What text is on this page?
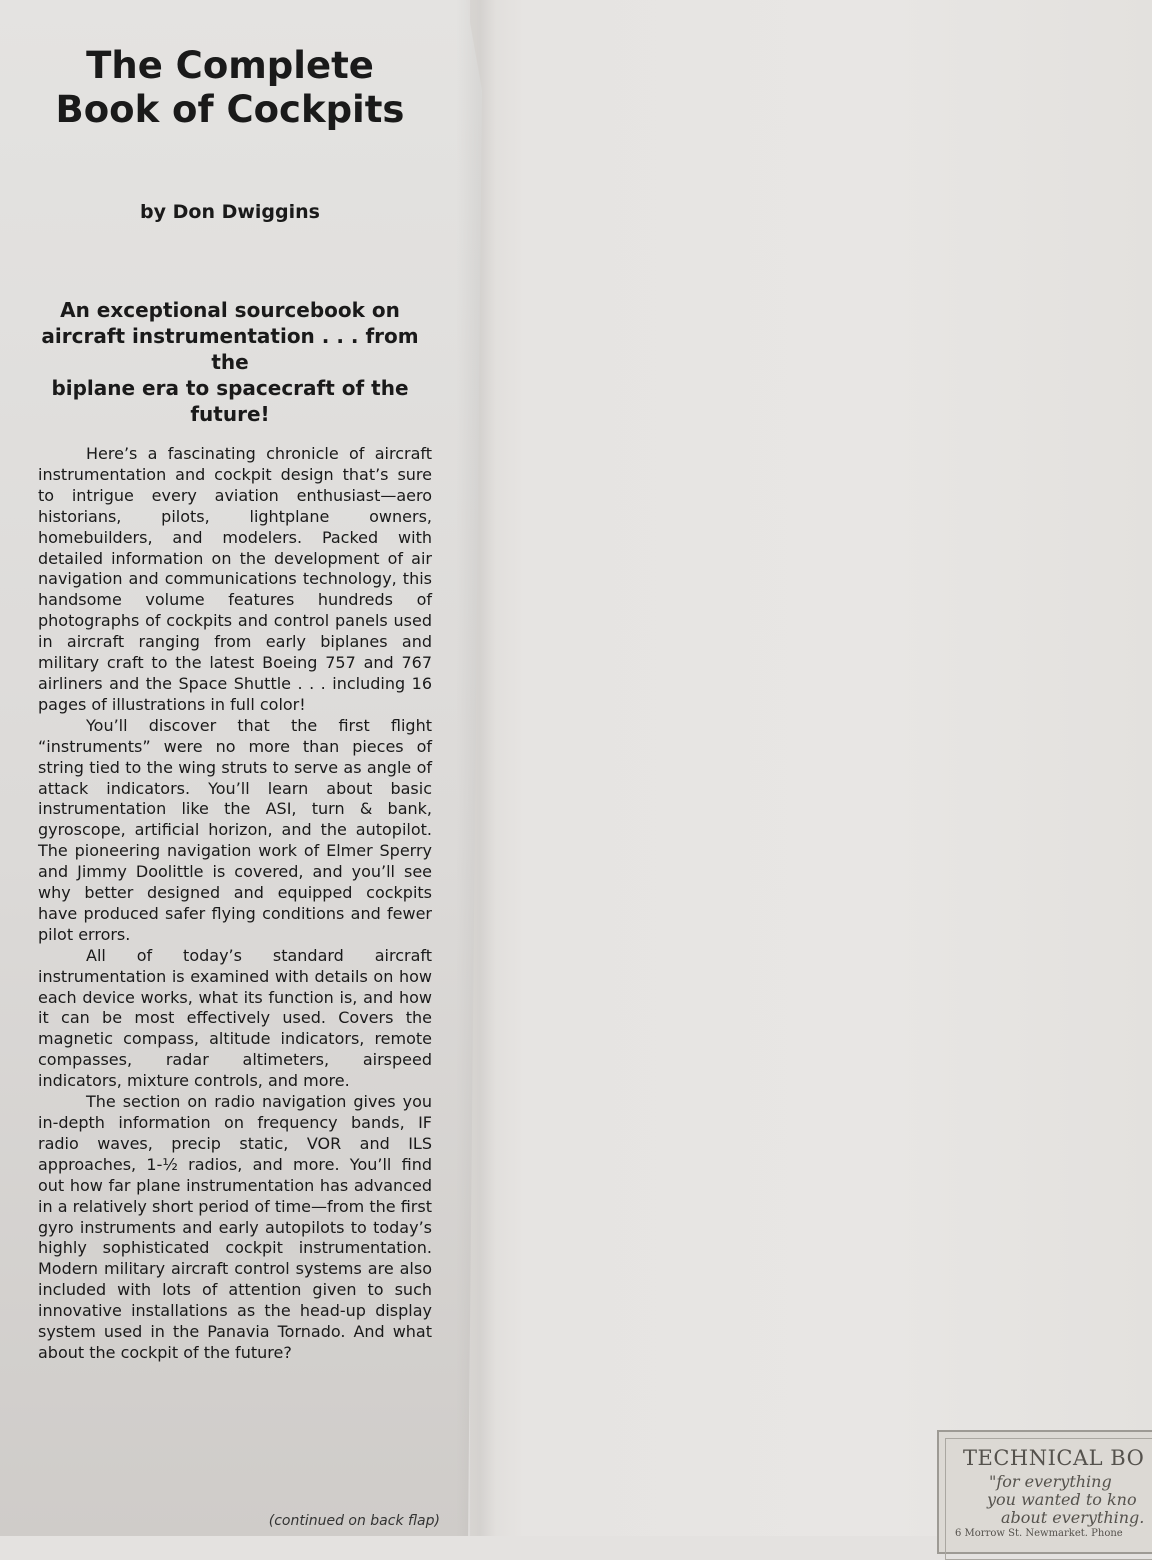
The Complete
Book of Cockpits
by Don Dwiggins
An exceptional sourcebook on
aircraft instrumentation . . . from the
biplane era to spacecraft of the future!

Here’s a fascinating chronicle of aircraft instrumentation and cockpit design that’s sure to intrigue every aviation enthusiast—aero historians, pilots, lightplane owners, homebuilders, and modelers. Packed with detailed information on the development of air navigation and communications technology, this handsome volume features hundreds of photographs of cockpits and control panels used in aircraft ranging from early biplanes and military craft to the latest Boeing 757 and 767 airliners and the Space Shuttle . . . including 16 pages of illustrations in full color!

You’ll discover that the first flight “instruments” were no more than pieces of string tied to the wing struts to serve as angle of attack indicators. You’ll learn about basic instrumentation like the ASI, turn & bank, gyroscope, artificial horizon, and the autopilot. The pioneering navigation work of Elmer Sperry and Jimmy Doolittle is covered, and you’ll see why better designed and equipped cockpits have produced safer flying conditions and fewer pilot errors.

All of today’s standard aircraft instrumentation is examined with details on how each device works, what its function is, and how it can be most effectively used. Covers the magnetic compass, altitude indicators, remote compasses, radar altimeters, airspeed indicators, mixture controls, and more.

The section on radio navigation gives you in-depth information on frequency bands, IF radio waves, precip static, VOR and ILS approaches, 1-½ radios, and more. You’ll find out how far plane instrumentation has advanced in a relatively short period of time—from the first gyro instruments and early autopilots to today’s highly sophisticated cockpit instrumentation. Modern military aircraft control systems are also included with lots of attention given to such innovative installations as the head-up display system used in the Panavia Tornado. And what about the cockpit of the future?

(continued on back flap)
TECHNICAL BO
"for everything
you wanted to kno
about everything.
6 Morrow St. Newmarket. Phone
